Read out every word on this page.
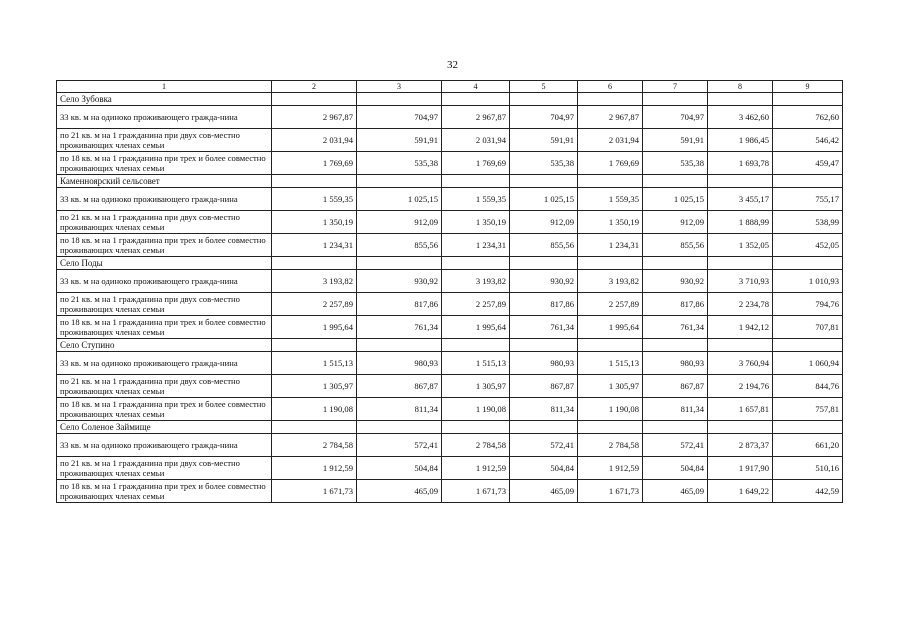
32
1	2	3	4	5	6	7	8	9
Село Зубовка								
33 кв. м на одиноко проживающего гражда-нина	2 967,87	704,97	2 967,87	704,97	2 967,87	704,97	3 462,60	762,60
по 21 кв. м на 1 гражданина при двух сов-местно проживающих членах семьи	2 031,94	591,91	2 031,94	591,91	2 031,94	591,91	1 986,45	546,42
по 18 кв. м на 1 гражданина при трех и более совместно проживающих членах семьи	1 769,69	535,38	1 769,69	535,38	1 769,69	535,38	1 693,78	459,47
Каменноярский сельсовет								
33 кв. м на одиноко проживающего гражда-нина	1 559,35	1 025,15	1 559,35	1 025,15	1 559,35	1 025,15	3 455,17	755,17
по 21 кв. м на 1 гражданина при двух сов-местно проживающих членах семьи	1 350,19	912,09	1 350,19	912,09	1 350,19	912,09	1 888,99	538,99
по 18 кв. м на 1 гражданина при трех и более совместно проживающих членах семьи	1 234,31	855,56	1 234,31	855,56	1 234,31	855,56	1 352,05	452,05
Село Поды								
33 кв. м на одиноко проживающего гражда-нина	3 193,82	930,92	3 193,82	930,92	3 193,82	930,92	3 710,93	1 010,93
по 21 кв. м на 1 гражданина при двух сов-местно проживающих членах семьи	2 257,89	817,86	2 257,89	817,86	2 257,89	817,86	2 234,78	794,76
по 18 кв. м на 1 гражданина при трех и более совместно проживающих членах семьи	1 995,64	761,34	1 995,64	761,34	1 995,64	761,34	1 942,12	707,81
Село Ступино								
33 кв. м на одиноко проживающего гражда-нина	1 515,13	980,93	1 515,13	980,93	1 515,13	980,93	3 760,94	1 060,94
по 21 кв. м на 1 гражданина при двух сов-местно проживающих членах семьи	1 305,97	867,87	1 305,97	867,87	1 305,97	867,87	2 194,76	844,76
по 18 кв. м на 1 гражданина при трех и более совместно проживающих членах семьи	1 190,08	811,34	1 190,08	811,34	1 190,08	811,34	1 657,81	757,81
Село Соленое Займище								
33 кв. м на одиноко проживающего гражда-нина	2 784,58	572,41	2 784,58	572,41	2 784,58	572,41	2 873,37	661,20
по 21 кв. м на 1 гражданина при двух сов-местно проживающих членах семьи	1 912,59	504,84	1 912,59	504,84	1 912,59	504,84	1 917,90	510,16
по 18 кв. м на 1 гражданина при трех и более совместно проживающих членах семьи	1 671,73	465,09	1 671,73	465,09	1 671,73	465,09	1 649,22	442,59
